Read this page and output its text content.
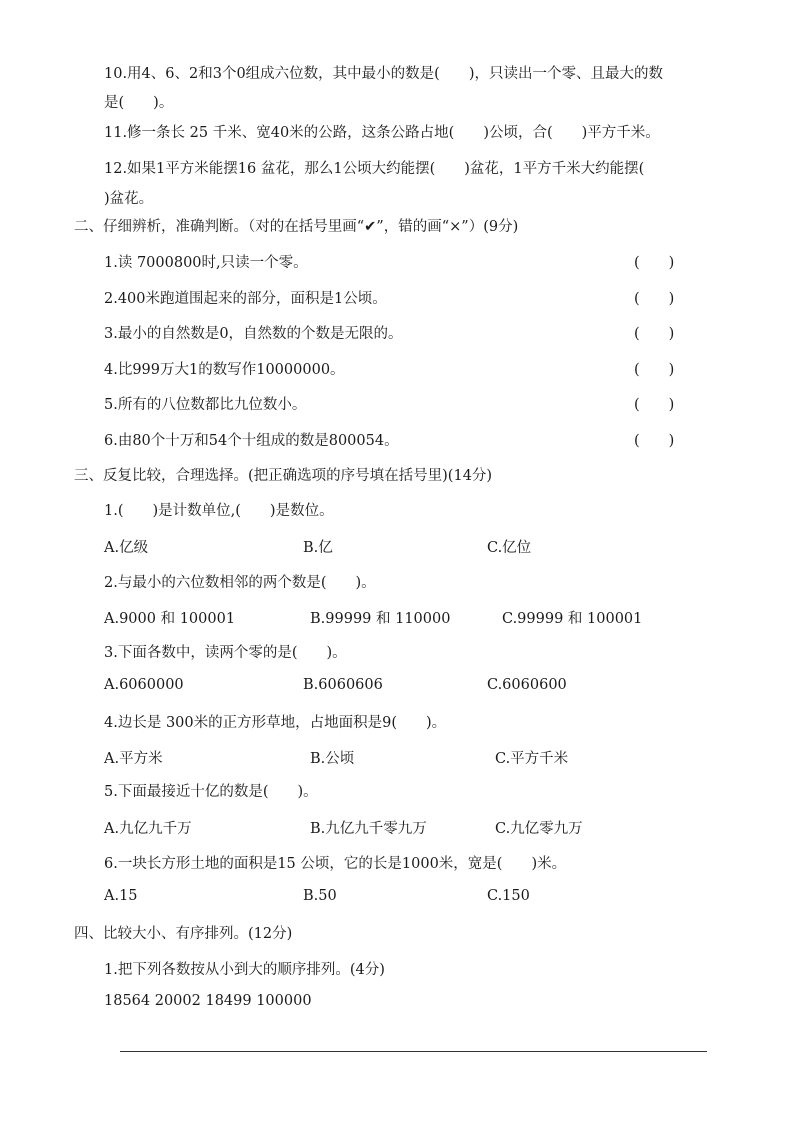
10.用4、6、2和3个0组成六位数，其中最小的数是(　　)，只读出一个零、且最大的数
是(　　)。
11.修一条长 25 千米、宽40米的公路，这条公路占地(　　)公顷，合(　　)平方千米。
12.如果1平方米能摆16 盆花，那么1公顷大约能摆(　　)盆花，1平方千米大约能摆(
)盆花。
二、仔细辨析，准确判断。（对的在括号里画“✔”，错的画“×”）(9分)
1.读 7000800时,只读一个零。	(　　)
2.400米跑道围起来的部分，面积是1公顷。	(　　)
3.最小的自然数是0，自然数的个数是无限的。	(　　)
4.比999万大1的数写作10000000。	(　　)
5.所有的八位数都比九位数小。	(　　)
6.由80个十万和54个十组成的数是800054。	(　　)
三、反复比较，合理选择。(把正确选项的序号填在括号里)(14分)
1.(　　)是计数单位,(　　)是数位。
A.亿级	B.亿	C.亿位
2.与最小的六位数相邻的两个数是(　　)。
A.9000 和 100001	B.99999 和 110000	C.99999 和 100001
3.下面各数中，读两个零的是(　　)。
A.6060000	B.6060606	C.6060600
4.边长是 300米的正方形草地，占地面积是9(　　)。
A.平方米	B.公顷	C.平方千米
5.下面最接近十亿的数是(　　)。
A.九亿九千万	B.九亿九千零九万	C.九亿零九万
6.一块长方形土地的面积是15 公顷，它的长是1000米，宽是(　　)米。
A.15	B.50	C.150
四、比较大小、有序排列。(12分)
1.把下列各数按从小到大的顺序排列。(4分)
18564 20002 18499 100000
